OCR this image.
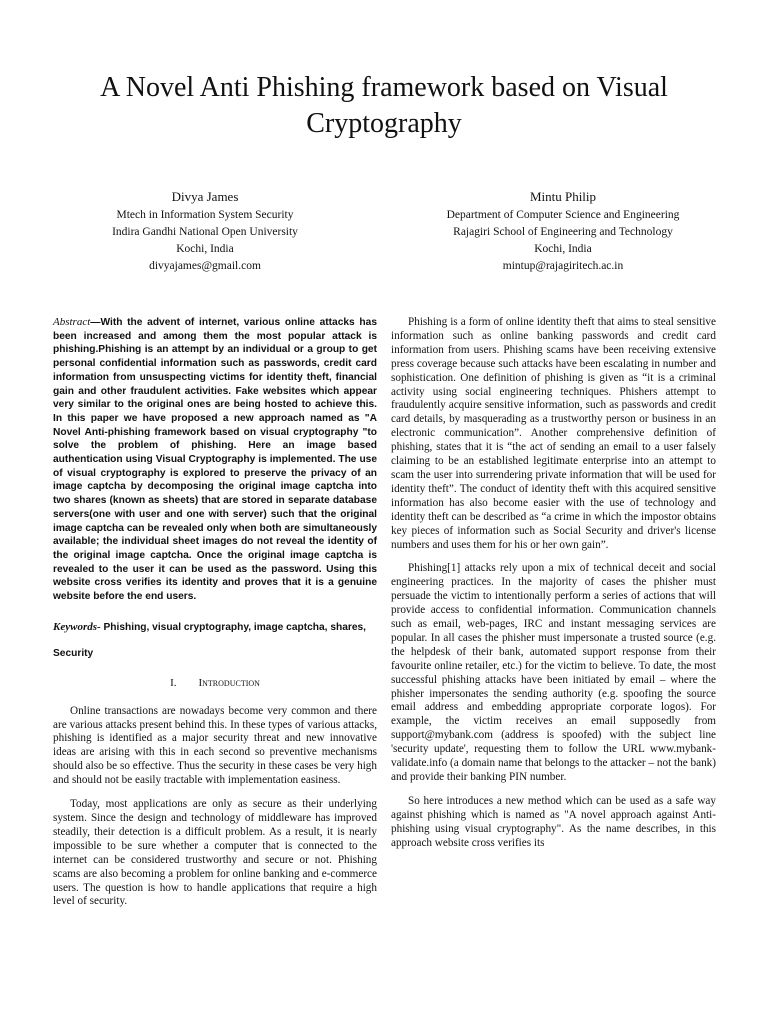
A Novel Anti Phishing framework based on Visual Cryptography
Divya James
Mtech in Information System Security
Indira Gandhi National Open University
Kochi, India
divyajames@gmail.com
Mintu Philip
Department of Computer Science and Engineering
Rajagiri School of Engineering and Technology
Kochi, India
mintup@rajagiritech.ac.in

Abstract—With the advent of internet, various online attacks has been increased and among them the most popular attack is phishing.Phishing is an attempt by an individual or a group to get personal confidential information such as passwords, credit card information from unsuspecting victims for identity theft, financial gain and other fraudulent activities. Fake websites which appear very similar to the original ones are being hosted to achieve this. In this paper we have proposed a new approach named as "A Novel Anti-phishing framework based on visual cryptography "to solve the problem of phishing. Here an image based authentication using Visual Cryptography is implemented. The use of visual cryptography is explored to preserve the privacy of an image captcha by decomposing the original image captcha into two shares (known as sheets) that are stored in separate database servers(one with user and one with server) such that the original image captcha can be revealed only when both are simultaneously available; the individual sheet images do not reveal the identity of the original image captcha. Once the original image captcha is revealed to the user it can be used as the password. Using this website cross verifies its identity and proves that it is a genuine website before the end users.

Keywords- Phishing, visual cryptography, image captcha, shares, Security

I. Introduction

Online transactions are nowadays become very common and there are various attacks present behind this. In these types of various attacks, phishing is identified as a major security threat and new innovative ideas are arising with this in each second so preventive mechanisms should also be so effective. Thus the security in these cases be very high and should not be easily tractable with implementation easiness.

Today, most applications are only as secure as their underlying system. Since the design and technology of middleware has improved steadily, their detection is a difficult problem. As a result, it is nearly impossible to be sure whether a computer that is connected to the internet can be considered trustworthy and secure or not. Phishing scams are also becoming a problem for online banking and e-commerce users. The question is how to handle applications that require a high level of security.

Phishing is a form of online identity theft that aims to steal sensitive information such as online banking passwords and credit card information from users. Phishing scams have been receiving extensive press coverage because such attacks have been escalating in number and sophistication. One definition of phishing is given as “it is a criminal activity using social engineering techniques. Phishers attempt to fraudulently acquire sensitive information, such as passwords and credit card details, by masquerading as a trustworthy person or business in an electronic communication”. Another comprehensive definition of phishing, states that it is “the act of sending an email to a user falsely claiming to be an established legitimate enterprise into an attempt to scam the user into surrendering private information that will be used for identity theft”. The conduct of identity theft with this acquired sensitive information has also become easier with the use of technology and identity theft can be described as “a crime in which the impostor obtains key pieces of information such as Social Security and driver's license numbers and uses them for his or her own gain”.

Phishing[1] attacks rely upon a mix of technical deceit and social engineering practices. In the majority of cases the phisher must persuade the victim to intentionally perform a series of actions that will provide access to confidential information. Communication channels such as email, web-pages, IRC and instant messaging services are popular. In all cases the phisher must impersonate a trusted source (e.g. the helpdesk of their bank, automated support response from their favourite online retailer, etc.) for the victim to believe. To date, the most successful phishing attacks have been initiated by email – where the phisher impersonates the sending authority (e.g. spoofing the source email address and embedding appropriate corporate logos). For example, the victim receives an email supposedly from support@mybank.com (address is spoofed) with the subject line 'security update', requesting them to follow the URL www.mybank-validate.info (a domain name that belongs to the attacker – not the bank) and provide their banking PIN number.

So here introduces a new method which can be used as a safe way against phishing which is named as "A novel approach against Anti-phishing using visual cryptography". As the name describes, in this approach website cross verifies its
